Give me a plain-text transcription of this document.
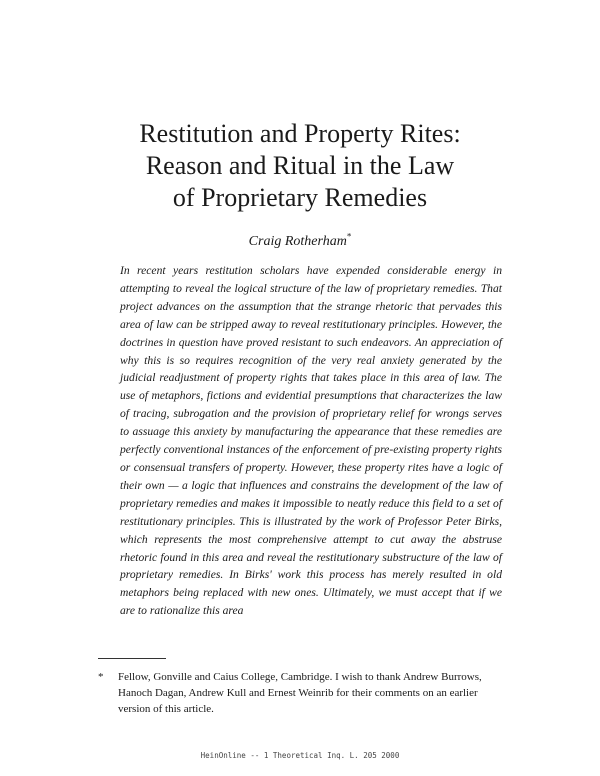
Restitution and Property Rites:
Reason and Ritual in the Law
of Proprietary Remedies
Craig Rotherham*

In recent years restitution scholars have expended considerable energy in attempting to reveal the logical structure of the law of proprietary remedies. That project advances on the assumption that the strange rhetoric that pervades this area of law can be stripped away to reveal restitutionary principles. However, the doctrines in question have proved resistant to such endeavors. An appreciation of why this is so requires recognition of the very real anxiety generated by the judicial readjustment of property rights that takes place in this area of law. The use of metaphors, fictions and evidential presumptions that characterizes the law of tracing, subrogation and the provision of proprietary relief for wrongs serves to assuage this anxiety by manufacturing the appearance that these remedies are perfectly conventional instances of the enforcement of pre-existing property rights or consensual transfers of property. However, these property rites have a logic of their own — a logic that influences and constrains the development of the law of proprietary remedies and makes it impossible to neatly reduce this field to a set of restitutionary principles. This is illustrated by the work of Professor Peter Birks, which represents the most comprehensive attempt to cut away the abstruse rhetoric found in this area and reveal the restitutionary substructure of the law of proprietary remedies. In Birks' work this process has merely resulted in old metaphors being replaced with new ones. Ultimately, we must accept that if we are to rationalize this area

*	Fellow, Gonville and Caius College, Cambridge. I wish to thank Andrew Burrows, Hanoch Dagan, Andrew Kull and Ernest Weinrib for their comments on an earlier version of this article.
HeinOnline -- 1 Theoretical Inq. L. 205 2000
